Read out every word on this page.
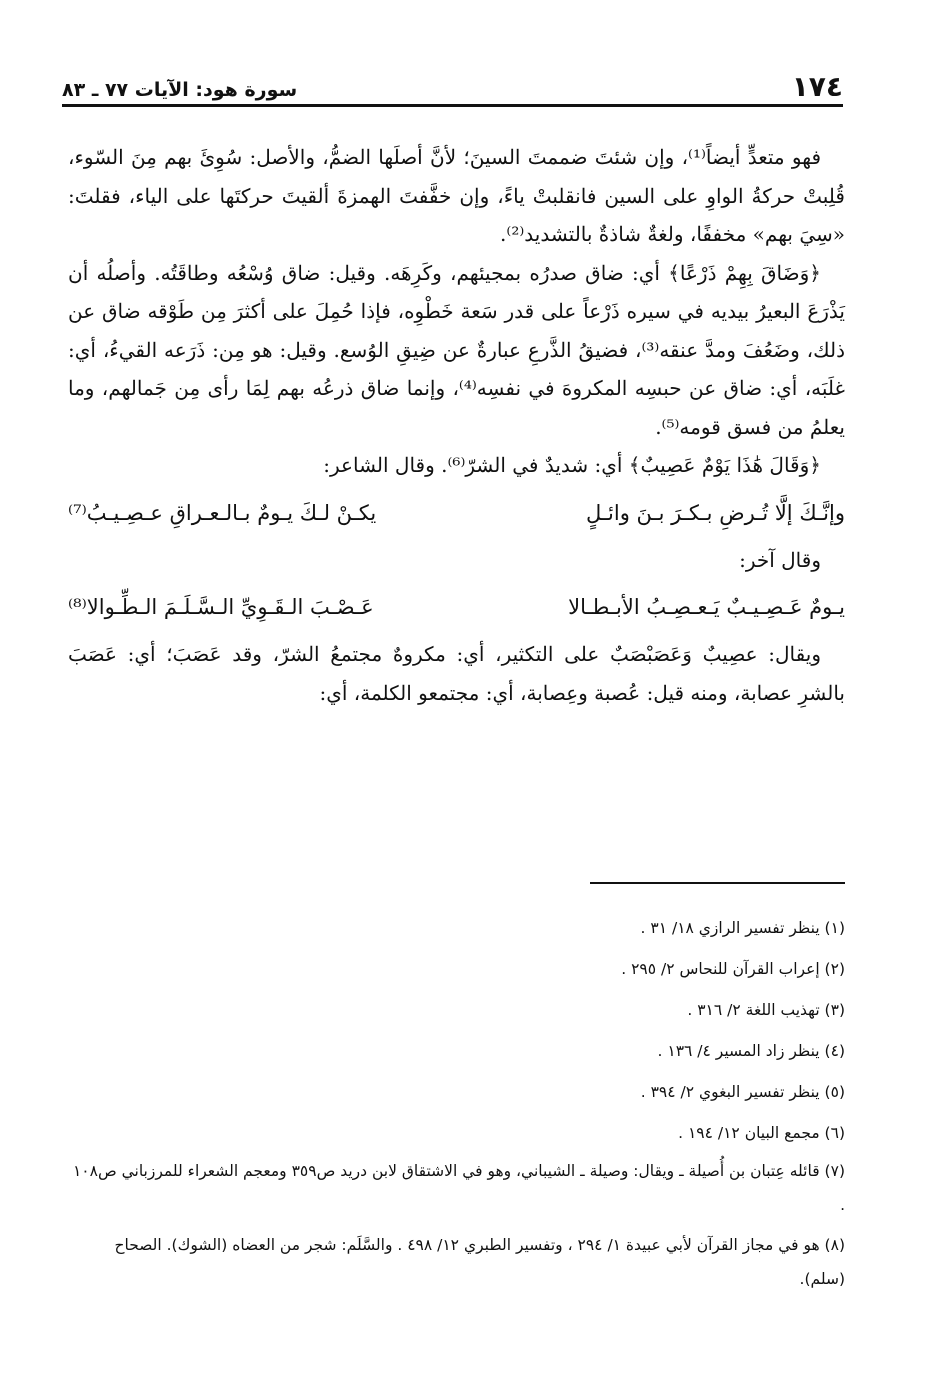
١٧٤
سورة هود: الآيات ٧٧ ـ ٨٣

فهو متعدٍّ أيضاً⁽¹⁾، وإن شئتَ ضممتَ السينَ؛ لأنَّ أصلَها الضمُّ، والأصل: سُوِئَ بهم مِنَ السّوء، قُلِبتْ حركةُ الواوِ على السين فانقلبتْ ياءً، وإن خفَّفتَ الهمزةَ ألقيتَ حركتَها على الياء، فقلتَ: «سِيَ بهم» مخففًا، ولغةٌ شاذةٌ بالتشديد⁽²⁾.

﴿وَضَاقَ بِهِمْ ذَرْعًا﴾ أي: ضاق صدرُه بمجيئهم، وكَرِهَه. وقيل: ضاق وُسْعُه وطاقَتُه. وأصلُه أن يَذْرَعَ البعيرُ بيديه في سيره ذَرْعاً على قدر سَعة خَطْوِه، فإذا حُمِلَ على أكثرَ مِن طَوْقه ضاق عن ذلك، وضَعُفَ ومدَّ عنقه⁽³⁾، فضيقُ الذَّرعِ عبارةٌ عن ضِيقِ الوُسع. وقيل: هو مِن: ذَرَعه القيءُ، أي: غلَبَه، أي: ضاق عن حبسِه المكروهَ في نفسِه⁽⁴⁾، وإنما ضاق ذرعُه بهم لِمَا رأى مِن جَمالهم، وما يعلمُ من فسق قومه⁽⁵⁾.

﴿وَقَالَ هَٰذَا يَوْمٌ عَصِيبٌ﴾ أي: شديدٌ في الشرّ⁽⁶⁾. وقال الشاعر:

وإنَّـكَ إلَّا تُـرضِ بـكـرَ بـنَ وائـلٍ
يكـنْ لـكَ يـومٌ بـالـعـراقِ عـصِـيـبُ⁽⁷⁾

وقال آخر:

يـومٌ عَـصِـيـبٌ يَـعـصِـبُ الأبـطـالا
عَـصْـبَ الـقَـوِيِّ الـسَّـلَـمَ الـطِّـوالا⁽⁸⁾

ويقال: عصِيبٌ وَعَصَبْصَبٌ على التكثير، أي: مكروهٌ مجتمعُ الشرّ، وقد عَصَبَ؛ أي: عَصَبَ بالشرِ عصابة، ومنه قيل: عُصبة وعِصابة، أي: مجتمعو الكلمة، أي:

(١) ينظر تفسير الرازي ١٨/ ٣١ .

(٢) إعراب القرآن للنحاس ٢/ ٢٩٥ .

(٣) تهذيب اللغة ٢/ ٣١٦ .

(٤) ينظر زاد المسير ٤/ ١٣٦ .

(٥) ينظر تفسير البغوي ٢/ ٣٩٤ .

(٦) مجمع البيان ١٢/ ١٩٤ .

(٧) قائله عِتبان بن أُصيلة ـ ويقال: وصيلة ـ الشيباني، وهو في الاشتقاق لابن دريد ص٣٥٩ ومعجم الشعراء للمرزباني ص١٠٨ .

(٨) هو في مجاز القرآن لأبي عبيدة ١/ ٢٩٤ ، وتفسير الطبري ١٢/ ٤٩٨ . والسَّلَم: شجر من العضاه (الشوك). الصحاح (سلم).
